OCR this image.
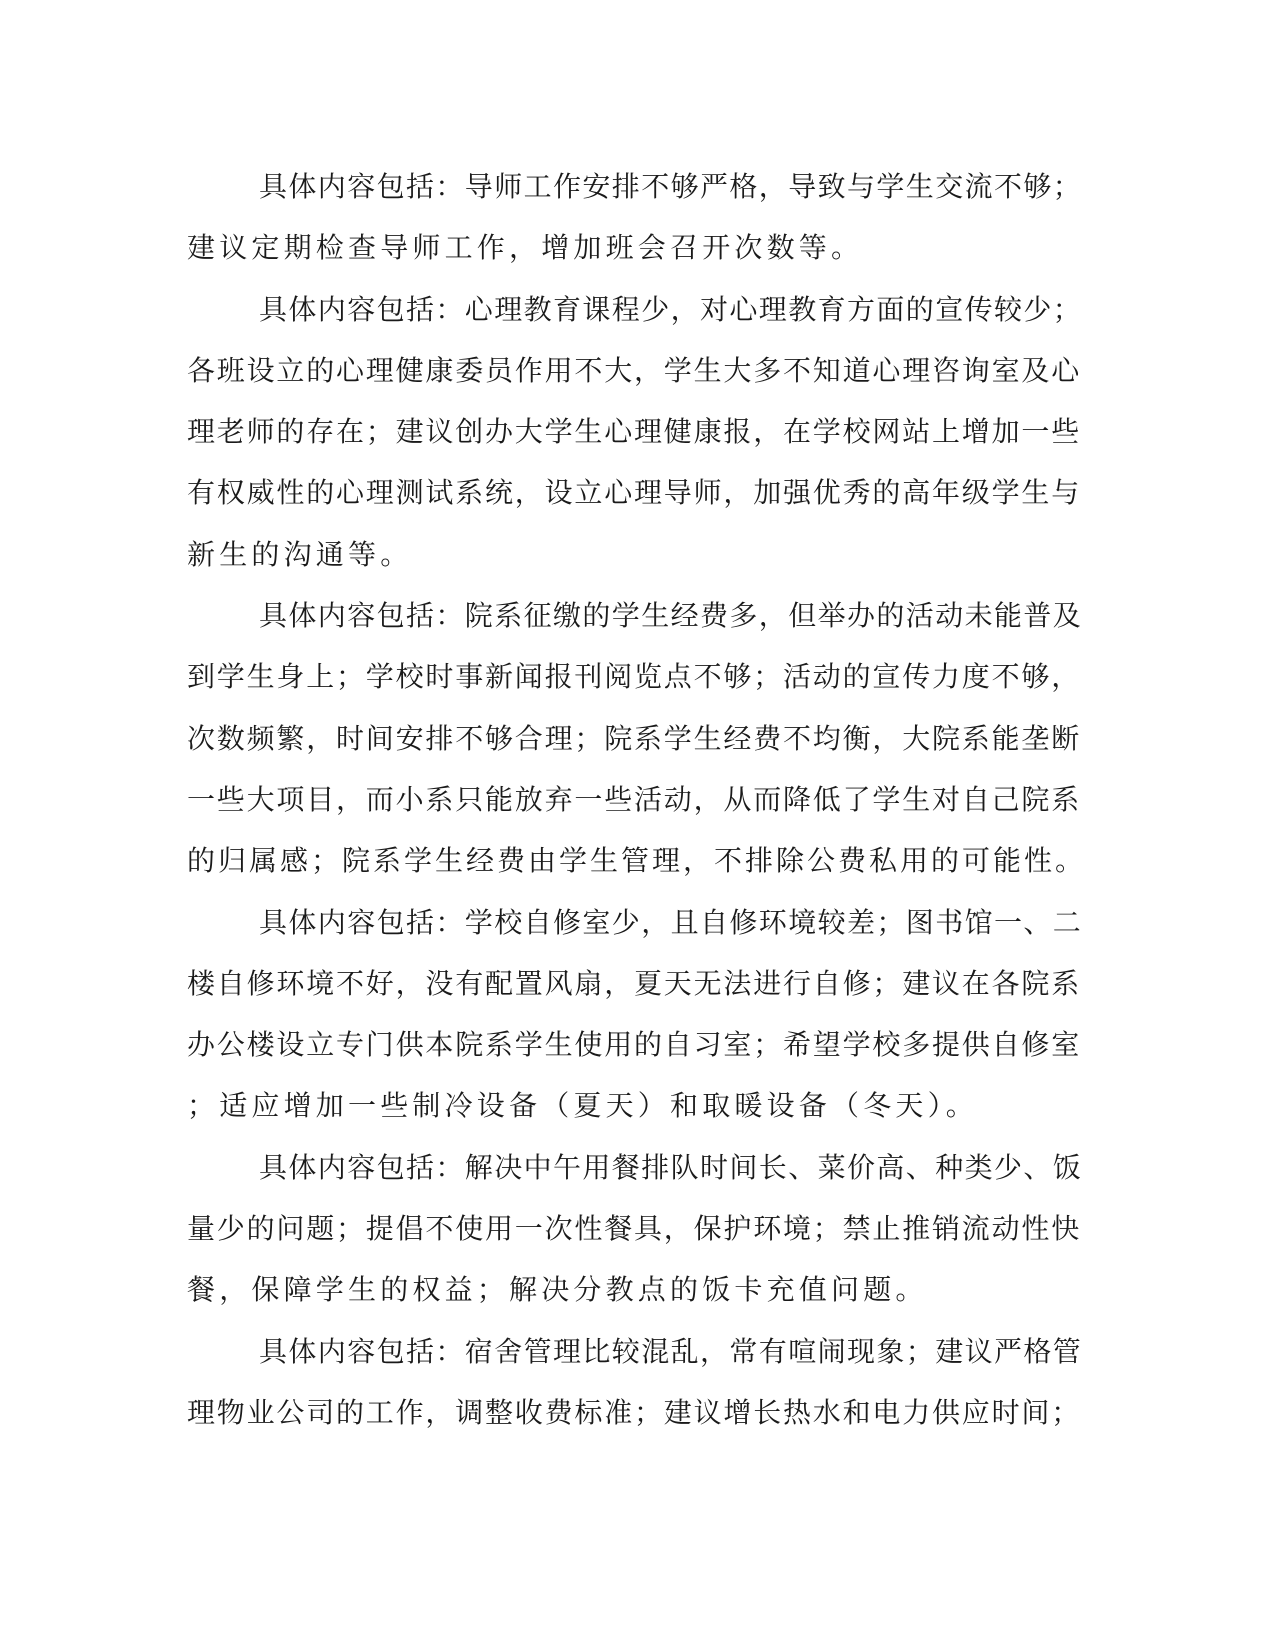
具体内容包括：导师工作安排不够严格，导致与学生交流不够；
建议定期检查导师工作，增加班会召开次数等。
具体内容包括：心理教育课程少，对心理教育方面的宣传较少；
各班设立的心理健康委员作用不大，学生大多不知道心理咨询室及心
理老师的存在；建议创办大学生心理健康报，在学校网站上增加一些
有权威性的心理测试系统，设立心理导师，加强优秀的高年级学生与
新生的沟通等。
具体内容包括：院系征缴的学生经费多，但举办的活动未能普及
到学生身上；学校时事新闻报刊阅览点不够；活动的宣传力度不够，
次数频繁，时间安排不够合理；院系学生经费不均衡，大院系能垄断
一些大项目，而小系只能放弃一些活动，从而降低了学生对自己院系
的归属感；院系学生经费由学生管理，不排除公费私用的可能性。
具体内容包括：学校自修室少，且自修环境较差；图书馆一、二
楼自修环境不好，没有配置风扇，夏天无法进行自修；建议在各院系
办公楼设立专门供本院系学生使用的自习室；希望学校多提供自修室
；适应增加一些制冷设备（夏天）和取暖设备（冬天）。
具体内容包括：解决中午用餐排队时间长、菜价高、种类少、饭
量少的问题；提倡不使用一次性餐具，保护环境；禁止推销流动性快
餐，保障学生的权益；解决分教点的饭卡充值问题。
具体内容包括：宿舍管理比较混乱，常有喧闹现象；建议严格管
理物业公司的工作，调整收费标准；建议增长热水和电力供应时间；
